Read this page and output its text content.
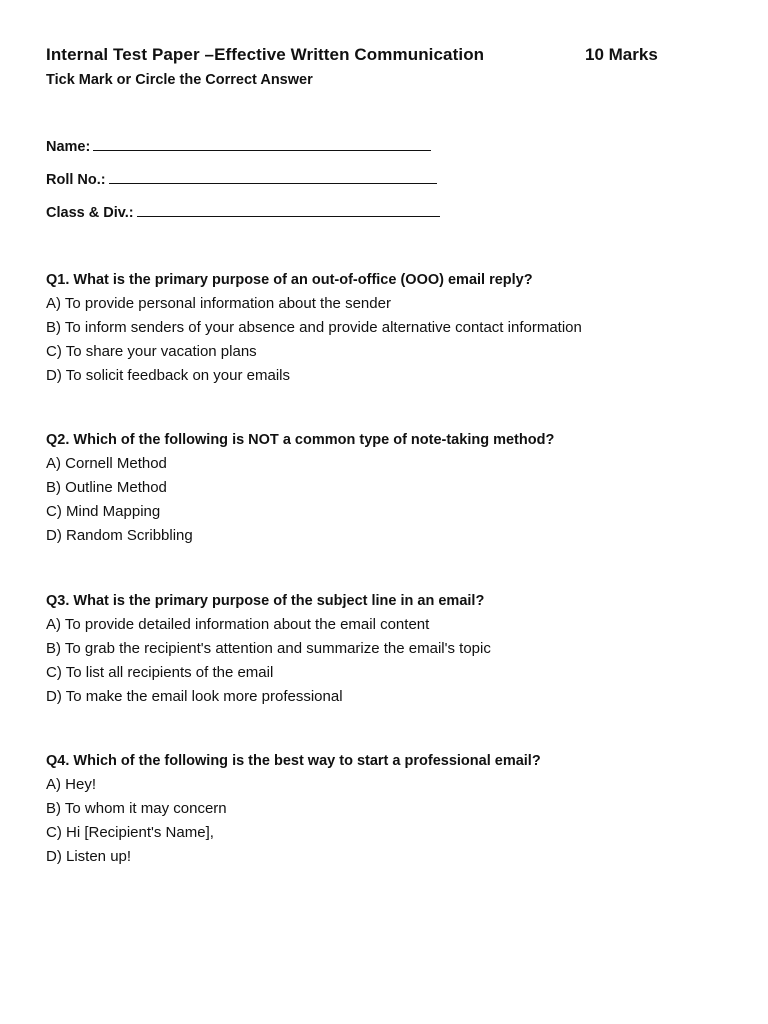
Internal Test Paper –Effective Written Communication	10 Marks
Tick Mark or Circle the Correct Answer
Name:
Roll No.:
Class & Div.:
Q1. What is the primary purpose of an out-of-office (OOO) email reply?
A) To provide personal information about the sender
B) To inform senders of your absence and provide alternative contact information
C) To share your vacation plans
D) To solicit feedback on your emails
Q2. Which of the following is NOT a common type of note-taking method?
A) Cornell Method
B) Outline Method
C) Mind Mapping
D) Random Scribbling
Q3. What is the primary purpose of the subject line in an email?
A) To provide detailed information about the email content
B) To grab the recipient's attention and summarize the email's topic
C) To list all recipients of the email
D) To make the email look more professional
Q4. Which of the following is the best way to start a professional email?
A) Hey!
B) To whom it may concern
C) Hi [Recipient's Name],
D) Listen up!
